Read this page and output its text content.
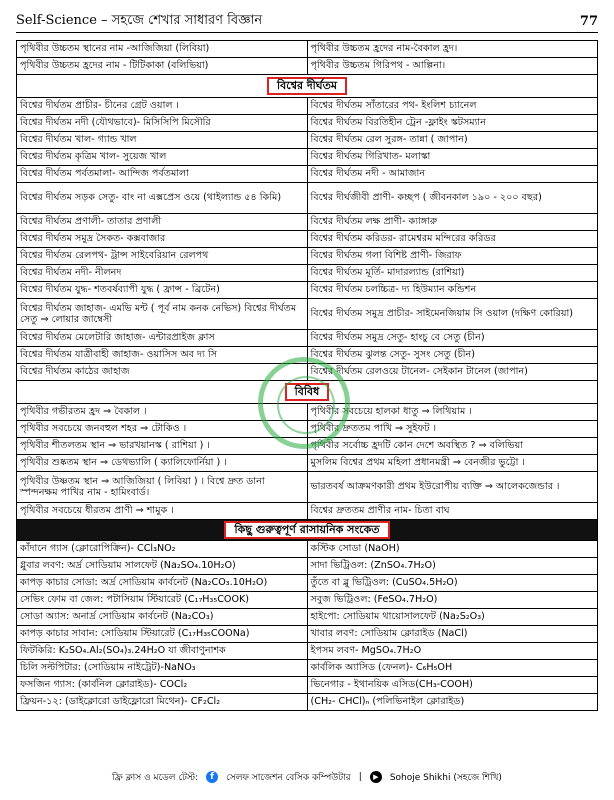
Self-Science – সহজে শেখার সাধারণ বিজ্ঞান	77
পৃথিবীর উচ্চতম স্থানের নাম -আজিজিয়া (লিবিয়া)	পৃথিবীর উচ্চতম হ্রদের নাম-বৈকাল হ্রদ।
পৃথিবীর উচ্চতম হ্রদের নাম - টিটিকাকা (বলিভিয়া)	পৃথিবীর উচ্চতম গিরিপথ - আল্পিনা।
বিশ্বের দীর্ঘতম	
বিশ্বের দীর্ঘতম প্রাচীর- চীনের গ্রেট ওয়াল ।	বিশ্বের দীর্ঘতম সাঁতারের পথ- ইংলিশ চ্যানেল
বিশ্বের দীর্ঘতম নদী (যৌথভাবে)- মিসিসিপি মিসৌরি	বিশ্বের দীর্ঘতম বিরতিহীন ট্রেন -ফ্লাইং স্কটসম্যান
বিশ্বের দীর্ঘতম খাল- গ্যান্ড খাল	বিশ্বের দীর্ঘতম রেল সুরঙ্গ- তান্না ( জাপান)
বিশ্বের দীর্ঘতম কৃত্রিম খাল- সুয়েজ খাল	বিশ্বের দীর্ঘতম গিরিখাত- মলাস্কা
বিশ্বের দীর্ঘতম পর্বতমালা- আন্দিজ পর্বতমালা	বিশ্বের দীর্ঘতম নদী - আমাজান
বিশ্বের দীর্ঘতম সড়ক সেতু- বাং না এক্সপ্রেস ওয়ে (থাইল্যান্ড ৫৪ কিমি)	বিশ্বের দীর্ঘজীবী প্রাণী- কচ্ছপ ( জীবনকাল ১৯০ - ২০০ বছর)
বিশ্বের দীর্ঘতম প্রণালী- তাতার প্রণালী	বিশ্বের দীর্ঘতম লক্ষ প্রাণী- ক্যাঙ্গারু
বিশ্বের দীর্ঘতম সমুদ্র সৈকত- কক্সবাজার	বিশ্বের দীর্ঘতম করিডর- রামেশ্বরম মন্দিরের করিডর
বিশ্বের দীর্ঘতম রেলপথ- ট্রান্স সাইবেরিয়ান রেলপথ	বিশ্বের দীর্ঘতম গলা বিশিষ্ট প্রাণী- জিরাফ
বিশ্বের দীর্ঘতম নদী- নীলনদ	বিশ্বের দীর্ঘতম মূর্তি- মাদারল্যান্ড (রাশিয়া)
বিশ্বের দীর্ঘতম যুদ্ধ- শতবর্ষব্যাপী যুদ্ধ ( ফ্রান্স - ব্রিটেন)	বিশ্বের দীর্ঘতম চলচ্চিত্র- দ্য হিউম্যান কন্ডিশন
বিশ্বের দীর্ঘতম জাহাজ- এমভি মন্ট ( পূর্ব নাম কনক নেভিস) বিশ্বের দীর্ঘতম সেতু ⇒ লোয়ার জাম্বেসী	বিশ্বের দীর্ঘতম সমুদ্র প্রাচীর- সাইমেনজিয়াম সি ওয়াল (দক্ষিণ কোরিয়া)
বিশ্বের দীর্ঘতম মেলেটারি জাহাজ- এন্টারপ্রাইজ ক্লাস	বিশ্বের দীর্ঘতম সমুদ্র সেতু- হাংচু বে সেতু (চীন)
বিশ্বের দীর্ঘতম যাত্রীবাহী জাহাজ- ওয়াসিস অব দ্য সি	বিশ্বের দীর্ঘতম ঝুলন্ত সেতু- সুসং সেতু (চীন)
বিশ্বের দীর্ঘতম কাঠের জাহাজ	বিশ্বের দীর্ঘতম রেলওয়ে টানেল- সেইকান টানেল (জাপান)
বিবিধ	
পৃথিবীর গভীরতম হ্রদ ⇒ বৈকাল ।	পৃথিবীর সবচেয়ে হালকা ধাতু ⇒ লিথিয়াম ।
পৃথিবীর সবচেয়ে জনবহুল শহর ⇒ টোকিও ।	পৃথিবীর দ্রুততম পাখি ⇒ সুইফট ।
পৃথিবীর শীতলতম স্থান ⇒ ভারখয়ানস্ক ( রাশিয়া ) ।	পৃথিবীর সর্বোচ্চ হ্রদটি কোন দেশে অবস্থিত ? ⇒ বলিভিয়া
পৃথিবীর শুষ্কতম স্থান ⇒ ডেথভ্যালি ( ক্যালিফোর্নিয়া ) ।	মুসলিম বিশ্বের প্রথম মহিলা প্রধানমন্ত্রী ⇒ বেনজীর ভুট্টো ।
পৃথিবীর উষ্ণতম স্থান ⇒ আজিজিয়া ( লিবিয়া ) । বিশ্বে দ্রুত ডানা স্পন্দনক্ষম পাখির নাম - হামিংবার্ড।	ভারতবর্ষ আক্রমণকারী প্রথম ইউরোপীয় ব্যক্তি ⇒ আলেকজেন্ডার ।
পৃথিবীর সবচেয়ে ধীরতম প্রাণী ⇒ শামুক ।	বিশ্বের দ্রুততম প্রাণীর নাম- চিতা বাঘ
কিছু গুরুত্বপূর্ণ রাসায়নিক সংকেত	
কাঁদানে গ্যাস (ক্লোরোপিক্রিন)- CCl₃NO₂	কস্টিক সোডা (NaOH)
গ্লুবার লবণ: অর্দ্র সোডিয়াম সালফেট (Na₂SO₄.10H₂O)	সাদা ভিট্রিওল: (ZnSO₄.7H₂O)
কাপড় কাচার সোডা: অর্দ্র সোডিয়াম কার্বনেট (Na₂CO₃.10H₂O)	তুঁতে বা ব্লু ভিট্রিওল: (CuSO₄.5H₂O)
সেভিং ফোম বা জেল: পটাসিয়াম স্টিয়ারেট (C₁₇H₃₅COOK)	সবুজ ভিট্রিওল: (FeSO₄.7H₂O)
সোডা অ্যাস: অনার্দ্র সোডিয়াম কার্বনেট (Na₂CO₃)	হাইপো: সোডিয়াম থায়োসালফেট (Na₂S₂O₃)
কাপড় কাচার সাবান: সোডিয়াম স্টিয়ারেট (C₁₇H₃₅COONa)	খাবার লবণ: সোডিয়াম ক্লোরাইড (NaCl)
ফিটকিরি: K₂SO₄.Al₂(SO₄)₃.24H₂O যা জীবাণুনাশক	ইপসম লবণ- MgSO₄.7H₂O
চিলি সল্টপিটার: (সোডিয়াম নাইট্রেট)-NaNO₃	কার্বলিক অ্যাসিড (ফেনল)- C₆H₅OH
ফসজিন গ্যাস: (কার্বনিল ক্লোরাইড)- COCl₂	ভিনেগার - ইথানয়িক এসিড(CH₃-COOH)
ফ্রিয়ন-১২: (ডাইক্লোরো ডাইফ্লোরো মিথেন)- CF₂Cl₂	(CH₂- CHCl)ₙ (পলিভিনাইল ক্লোরাইড)
ফ্রি ক্লাস ও মডেল টেস্ট:	f	সেলফ সাজেশন বেসিক কম্পিউটার |	▶	Sohoje Shikhi (সহজে শিখি)
